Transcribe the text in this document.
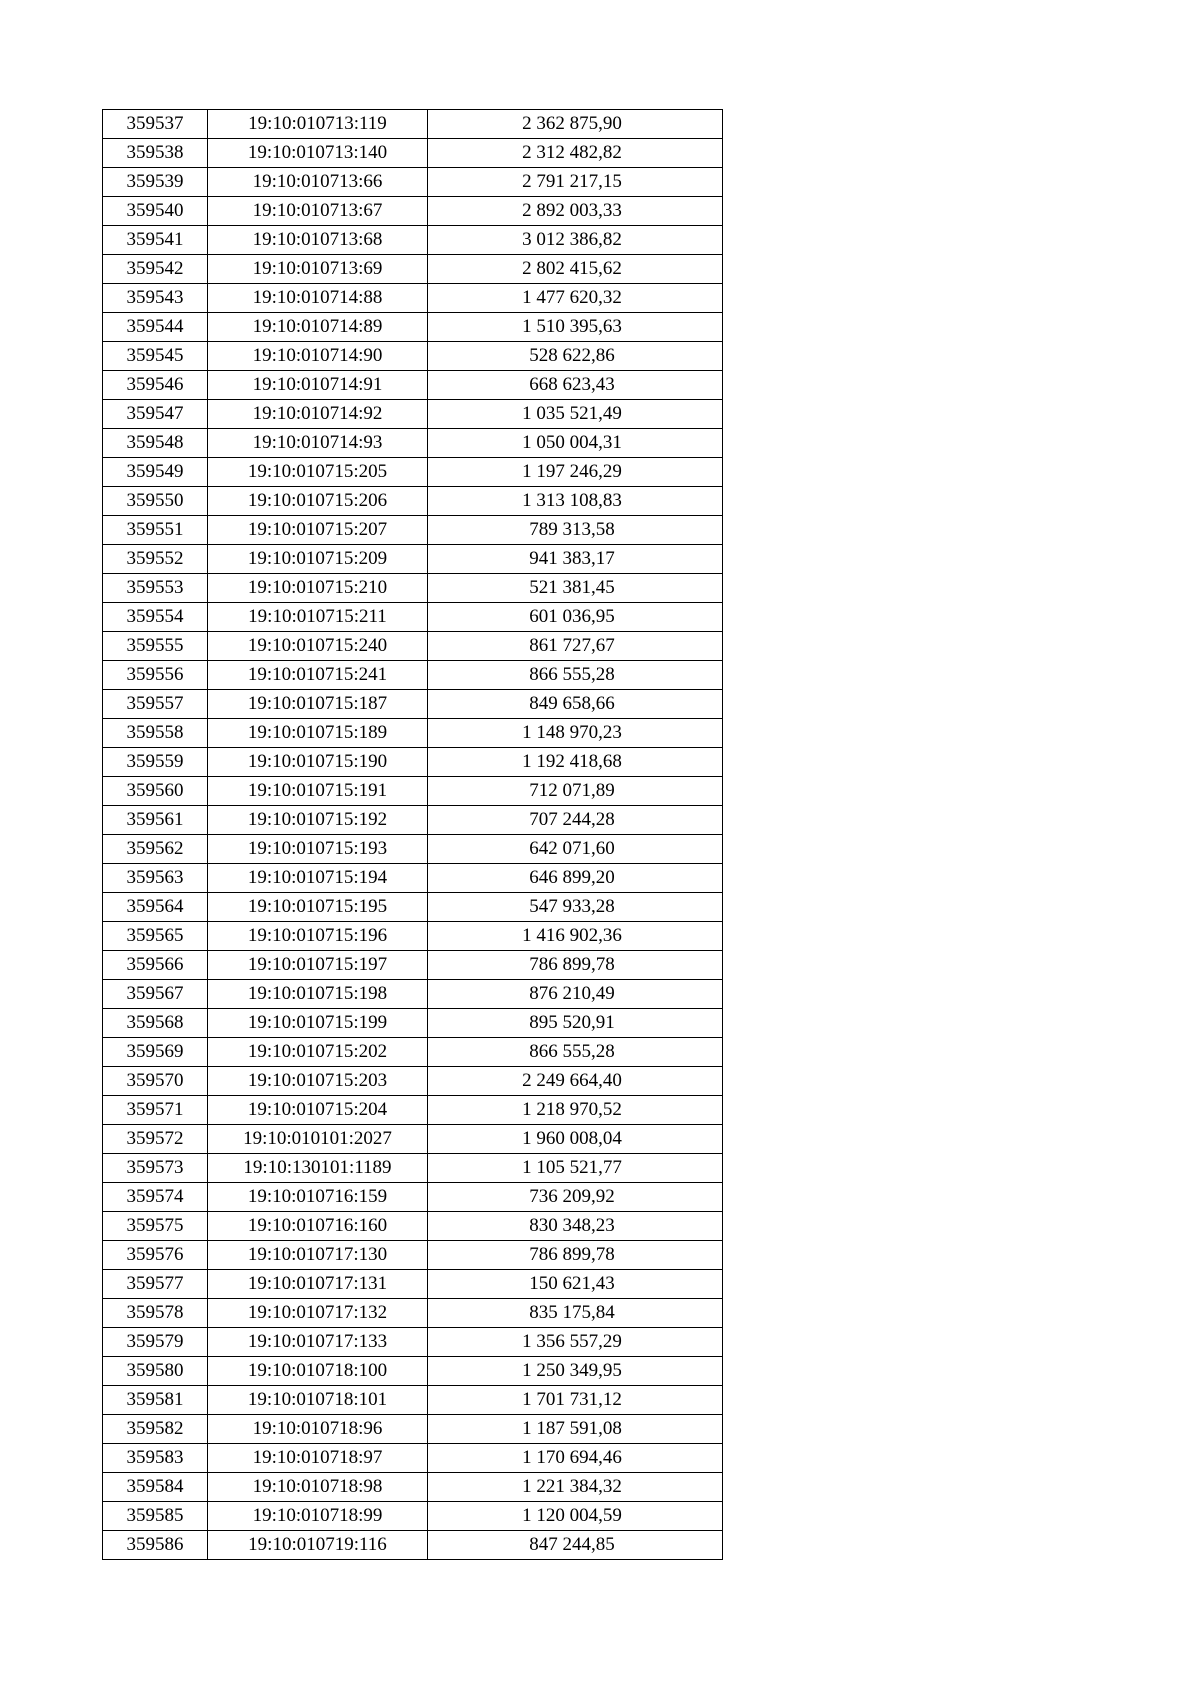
359537	19:10:010713:119	2 362 875,90
359538	19:10:010713:140	2 312 482,82
359539	19:10:010713:66	2 791 217,15
359540	19:10:010713:67	2 892 003,33
359541	19:10:010713:68	3 012 386,82
359542	19:10:010713:69	2 802 415,62
359543	19:10:010714:88	1 477 620,32
359544	19:10:010714:89	1 510 395,63
359545	19:10:010714:90	528 622,86
359546	19:10:010714:91	668 623,43
359547	19:10:010714:92	1 035 521,49
359548	19:10:010714:93	1 050 004,31
359549	19:10:010715:205	1 197 246,29
359550	19:10:010715:206	1 313 108,83
359551	19:10:010715:207	789 313,58
359552	19:10:010715:209	941 383,17
359553	19:10:010715:210	521 381,45
359554	19:10:010715:211	601 036,95
359555	19:10:010715:240	861 727,67
359556	19:10:010715:241	866 555,28
359557	19:10:010715:187	849 658,66
359558	19:10:010715:189	1 148 970,23
359559	19:10:010715:190	1 192 418,68
359560	19:10:010715:191	712 071,89
359561	19:10:010715:192	707 244,28
359562	19:10:010715:193	642 071,60
359563	19:10:010715:194	646 899,20
359564	19:10:010715:195	547 933,28
359565	19:10:010715:196	1 416 902,36
359566	19:10:010715:197	786 899,78
359567	19:10:010715:198	876 210,49
359568	19:10:010715:199	895 520,91
359569	19:10:010715:202	866 555,28
359570	19:10:010715:203	2 249 664,40
359571	19:10:010715:204	1 218 970,52
359572	19:10:010101:2027	1 960 008,04
359573	19:10:130101:1189	1 105 521,77
359574	19:10:010716:159	736 209,92
359575	19:10:010716:160	830 348,23
359576	19:10:010717:130	786 899,78
359577	19:10:010717:131	150 621,43
359578	19:10:010717:132	835 175,84
359579	19:10:010717:133	1 356 557,29
359580	19:10:010718:100	1 250 349,95
359581	19:10:010718:101	1 701 731,12
359582	19:10:010718:96	1 187 591,08
359583	19:10:010718:97	1 170 694,46
359584	19:10:010718:98	1 221 384,32
359585	19:10:010718:99	1 120 004,59
359586	19:10:010719:116	847 244,85
